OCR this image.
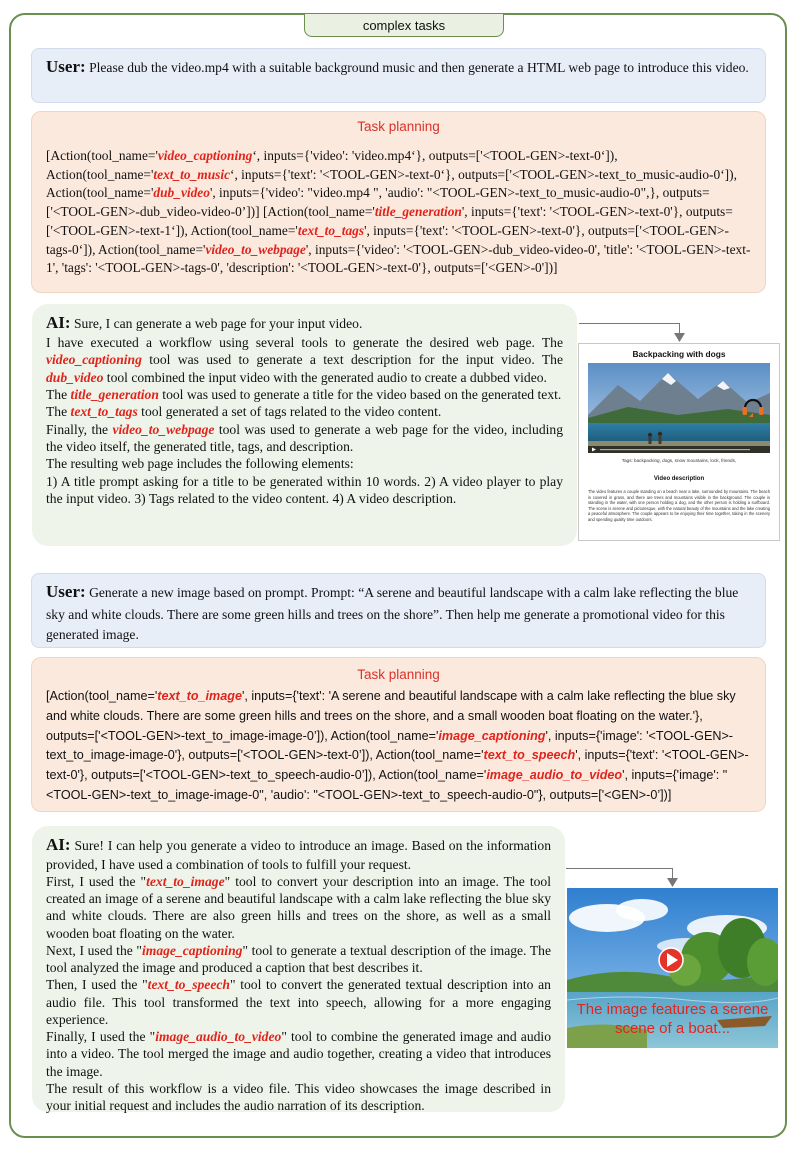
complex tasks
User: Please dub the video.mp4 with a suitable background music and then generate a HTML web page to introduce this video.
Task planning
[Action(tool_name='video_captioning‘, inputs={'video': 'video.mp4‘}, outputs=['<TOOL-GEN>-text-0‘]), Action(tool_name='text_to_music‘, inputs={'text': '<TOOL-GEN>-text-0‘}, outputs=['<TOOL-GEN>-text_to_music-audio-0‘]), Action(tool_name='dub_video', inputs={'video': "video.mp4 ", 'audio': "<TOOL-GEN>-text_to_music-audio-0",}, outputs=['<TOOL-GEN>-dub_video-video-0’])] [Action(tool_name='title_generation', inputs={'text': '<TOOL-GEN>-text-0'}, outputs=['<TOOL-GEN>-text-1‘]), Action(tool_name='text_to_tags', inputs={'text': '<TOOL-GEN>-text-0'}, outputs=['<TOOL-GEN>-tags-0‘]), Action(tool_name='video_to_webpage', inputs={'video': '<TOOL-GEN>-dub_video-video-0', 'title': '<TOOL-GEN>-text-1', 'tags': '<TOOL-GEN>-tags-0', 'description': '<TOOL-GEN>-text-0'}, outputs=['<GEN>-0'])]

AI: Sure, I can generate a web page for your input video.

I have executed a workflow using several tools to generate the desired web page. The video_captioning tool was used to generate a text description for the input video. The dub_video tool combined the input video with the generated audio to create a dubbed video.

The title_generation tool was used to generate a title for the video based on the generated text.

The text_to_tags tool generated a set of tags related to the video content.

Finally, the video_to_webpage tool was used to generate a web page for the video, including the video itself, the generated title, tags, and description.

The resulting web page includes the following elements:

1) A title prompt asking for a title to be generated within 10 words. 2) A video player to play the input video. 3) Tags related to the video content. 4) A video description.

Backpacking with dogs
Tags: backpacking, dogs, snow mountains, lock, friends,
Video description
The video features a couple standing on a beach near a lake, surrounded by mountains. The beach is covered in grass, and there are trees and mountains visible in the background. The couple is standing in the water, with one person holding a dog, and the other person is holding a surfboard. The scene is serene and picturesque, with the natural beauty of the mountains and the lake creating a peaceful atmosphere. The couple appears to be enjoying their time together, taking in the scenery and spending quality time outdoors.
User: Generate a new image based on prompt. Prompt: “A serene and beautiful landscape with a calm lake reflecting the blue sky and white clouds. There are some green hills and trees on the shore”. Then help me generate a promotional video for this generated image.
Task planning
[Action(tool_name='text_to_image', inputs={'text': 'A serene and beautiful landscape with a calm lake reflecting the blue sky and white clouds. There are some green hills and trees on the shore, and a small wooden boat floating on the water.'}, outputs=['<TOOL-GEN>-text_to_image-image-0’]), Action(tool_name='image_captioning', inputs={'image': '<TOOL-GEN>-text_to_image-image-0'}, outputs=['<TOOL-GEN>-text-0’]), Action(tool_name='text_to_speech', inputs={'text': '<TOOL-GEN>-text-0'}, outputs=['<TOOL-GEN>-text_to_speech-audio-0’]), Action(tool_name='image_audio_to_video', inputs={'image': "<TOOL-GEN>-text_to_image-image-0", 'audio': "<TOOL-GEN>-text_to_speech-audio-0"}, outputs=['<GEN>-0’])]

AI: Sure! I can help you generate a video to introduce an image. Based on the information provided, I have used a combination of tools to fulfill your request.

First, I used the "text_to_image" tool to convert your description into an image. The tool created an image of a serene and beautiful landscape with a calm lake reflecting the blue sky and white clouds. There are also green hills and trees on the shore, as well as a small wooden boat floating on the water.

Next, I used the "image_captioning" tool to generate a textual description of the image. The tool analyzed the image and produced a caption that best describes it.

Then, I used the "text_to_speech" tool to convert the generated textual description into an audio file. This tool transformed the text into speech, allowing for a more engaging experience.

Finally, I used the "image_audio_to_video" tool to combine the generated image and audio into a video. The tool merged the image and audio together, creating a video that introduces the image.

The result of this workflow is a video file. This video showcases the image described in your initial request and includes the audio narration of its description.

The image features a serene scene of a boat...
